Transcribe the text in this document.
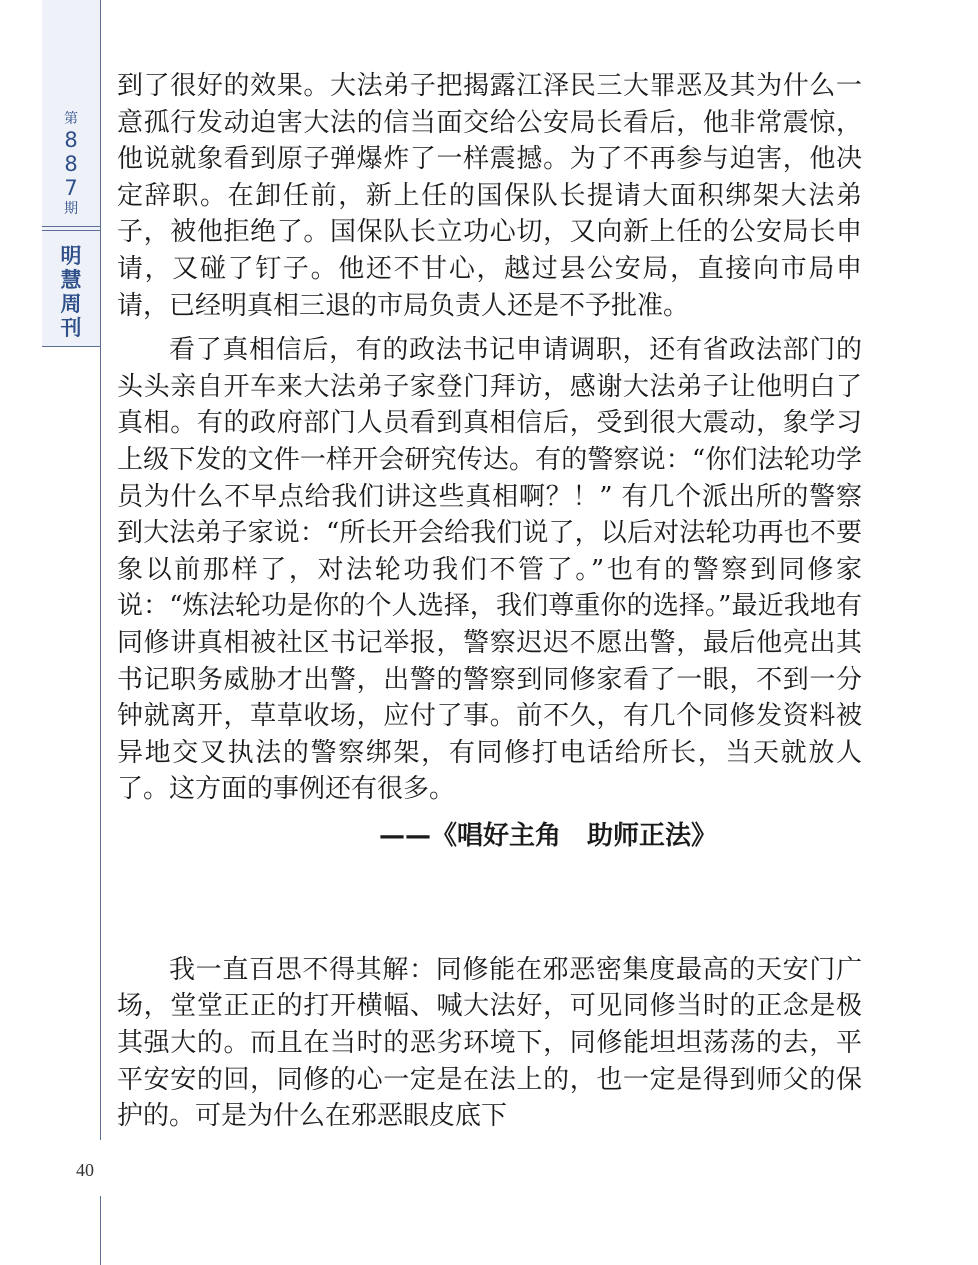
第
8
8
7
期
明
慧
周
刊
40

到了很好的效果。大法弟子把揭露江泽民三大罪恶及其为什么一意孤行发动迫害大法的信当面交给公安局长看后，他非常震惊，他说就象看到原子弹爆炸了一样震撼。为了不再参与迫害，他决定辞职。在卸任前，新上任的国保队长提请大面积绑架大法弟子，被他拒绝了。国保队长立功心切，又向新上任的公安局长申请，又碰了钉子。他还不甘心，越过县公安局，直接向市局申请，已经明真相三退的市局负责人还是不予批准。

看了真相信后，有的政法书记申请调职，还有省政法部门的头头亲自开车来大法弟子家登门拜访，感谢大法弟子让他明白了真相。有的政府部门人员看到真相信后，受到很大震动，象学习上级下发的文件一样开会研究传达。有的警察说：“你们法轮功学员为什么不早点给我们讲这些真相啊？！” 有几个派出所的警察到大法弟子家说：“所长开会给我们说了，以后对法轮功再也不要象以前那样了，对法轮功我们不管了。”也有的警察到同修家说：“炼法轮功是你的个人选择，我们尊重你的选择。”最近我地有同修讲真相被社区书记举报，警察迟迟不愿出警，最后他亮出其书记职务威胁才出警，出警的警察到同修家看了一眼，不到一分钟就离开，草草收场，应付了事。前不久，有几个同修发资料被异地交叉执法的警察绑架，有同修打电话给所长，当天就放人了。这方面的事例还有很多。

——《唱好主角　助师正法》

我一直百思不得其解：同修能在邪恶密集度最高的天安门广场，堂堂正正的打开横幅、喊大法好，可见同修当时的正念是极其强大的。而且在当时的恶劣环境下，同修能坦坦荡荡的去，平平安安的回，同修的心一定是在法上的，也一定是得到师父的保护的。可是为什么在邪恶眼皮底下
